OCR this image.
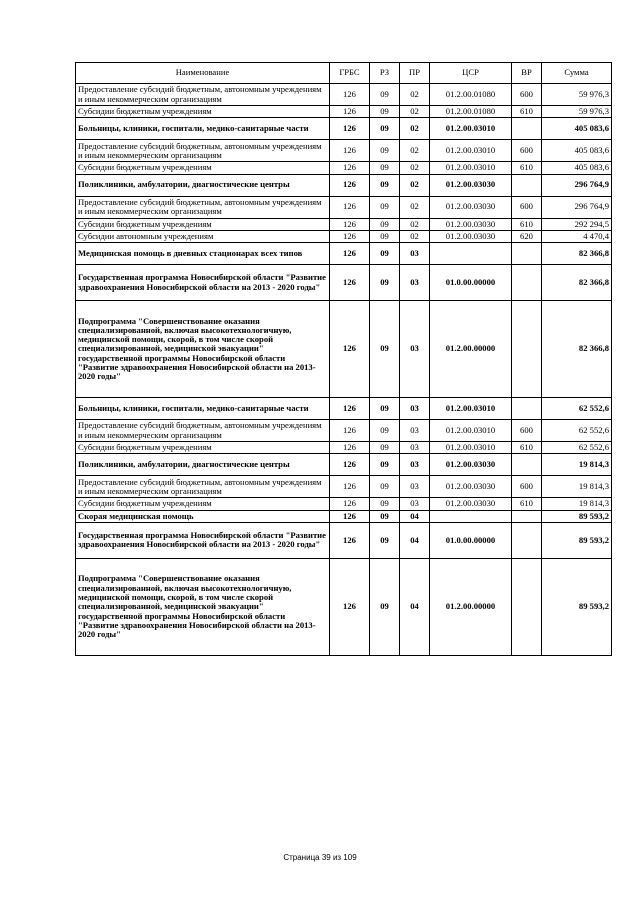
Наименование	ГРБС	РЗ	ПР	ЦСР	ВР	Сумма
Предоставление субсидий бюджетным, автономным учреждениям и иным некоммерческим организациям	126	09	02	01.2.00.01080	600	59 976,3
Субсидии бюджетным учреждениям	126	09	02	01.2.00.01080	610	59 976,3
Больницы, клиники, госпитали, медико-санитарные части	126	09	02	01.2.00.03010		405 083,6
Предоставление субсидий бюджетным, автономным учреждениям и иным некоммерческим организациям	126	09	02	01.2.00.03010	600	405 083,6
Субсидии бюджетным учреждениям	126	09	02	01.2.00.03010	610	405 083,6
Поликлиники, амбулатории, диагностические центры	126	09	02	01.2.00.03030		296 764,9
Предоставление субсидий бюджетным, автономным учреждениям и иным некоммерческим организациям	126	09	02	01.2.00.03030	600	296 764,9
Субсидии бюджетным учреждениям	126	09	02	01.2.00.03030	610	292 294,5
Субсидии автономным учреждениям	126	09	02	01.2.00.03030	620	4 470,4
Медицинская помощь в дневных стационарах всех типов	126	09	03			82 366,8
Государственная программа Новосибирской области "Развитие здравоохранения Новосибирской области на 2013 - 2020 годы"	126	09	03	01.0.00.00000		82 366,8
Подпрограмма "Совершенствование оказания специализированной, включая высокотехнологичную, медицинской помощи, скорой, в том числе скорой специализированной, медицинской эвакуации" государственной программы Новосибирской области "Развитие здравоохранения Новосибирской области на 2013-2020 годы"	126	09	03	01.2.00.00000		82 366,8
Больницы, клиники, госпитали, медико-санитарные части	126	09	03	01.2.00.03010		62 552,6
Предоставление субсидий бюджетным, автономным учреждениям и иным некоммерческим организациям	126	09	03	01.2.00.03010	600	62 552,6
Субсидии бюджетным учреждениям	126	09	03	01.2.00.03010	610	62 552,6
Поликлиники, амбулатории, диагностические центры	126	09	03	01.2.00.03030		19 814,3
Предоставление субсидий бюджетным, автономным учреждениям и иным некоммерческим организациям	126	09	03	01.2.00.03030	600	19 814,3
Субсидии бюджетным учреждениям	126	09	03	01.2.00.03030	610	19 814,3
Скорая медицинская помощь	126	09	04			89 593,2
Государственная программа Новосибирской области "Развитие здравоохранения Новосибирской области на 2013 - 2020 годы"	126	09	04	01.0.00.00000		89 593,2
Подпрограмма "Совершенствование оказания специализированной, включая высокотехнологичную, медицинской помощи, скорой, в том числе скорой специализированной, медицинской эвакуации" государственной программы Новосибирской области "Развитие здравоохранения Новосибирской области на 2013-2020 годы"	126	09	04	01.2.00.00000		89 593,2
Страница 39 из 109
